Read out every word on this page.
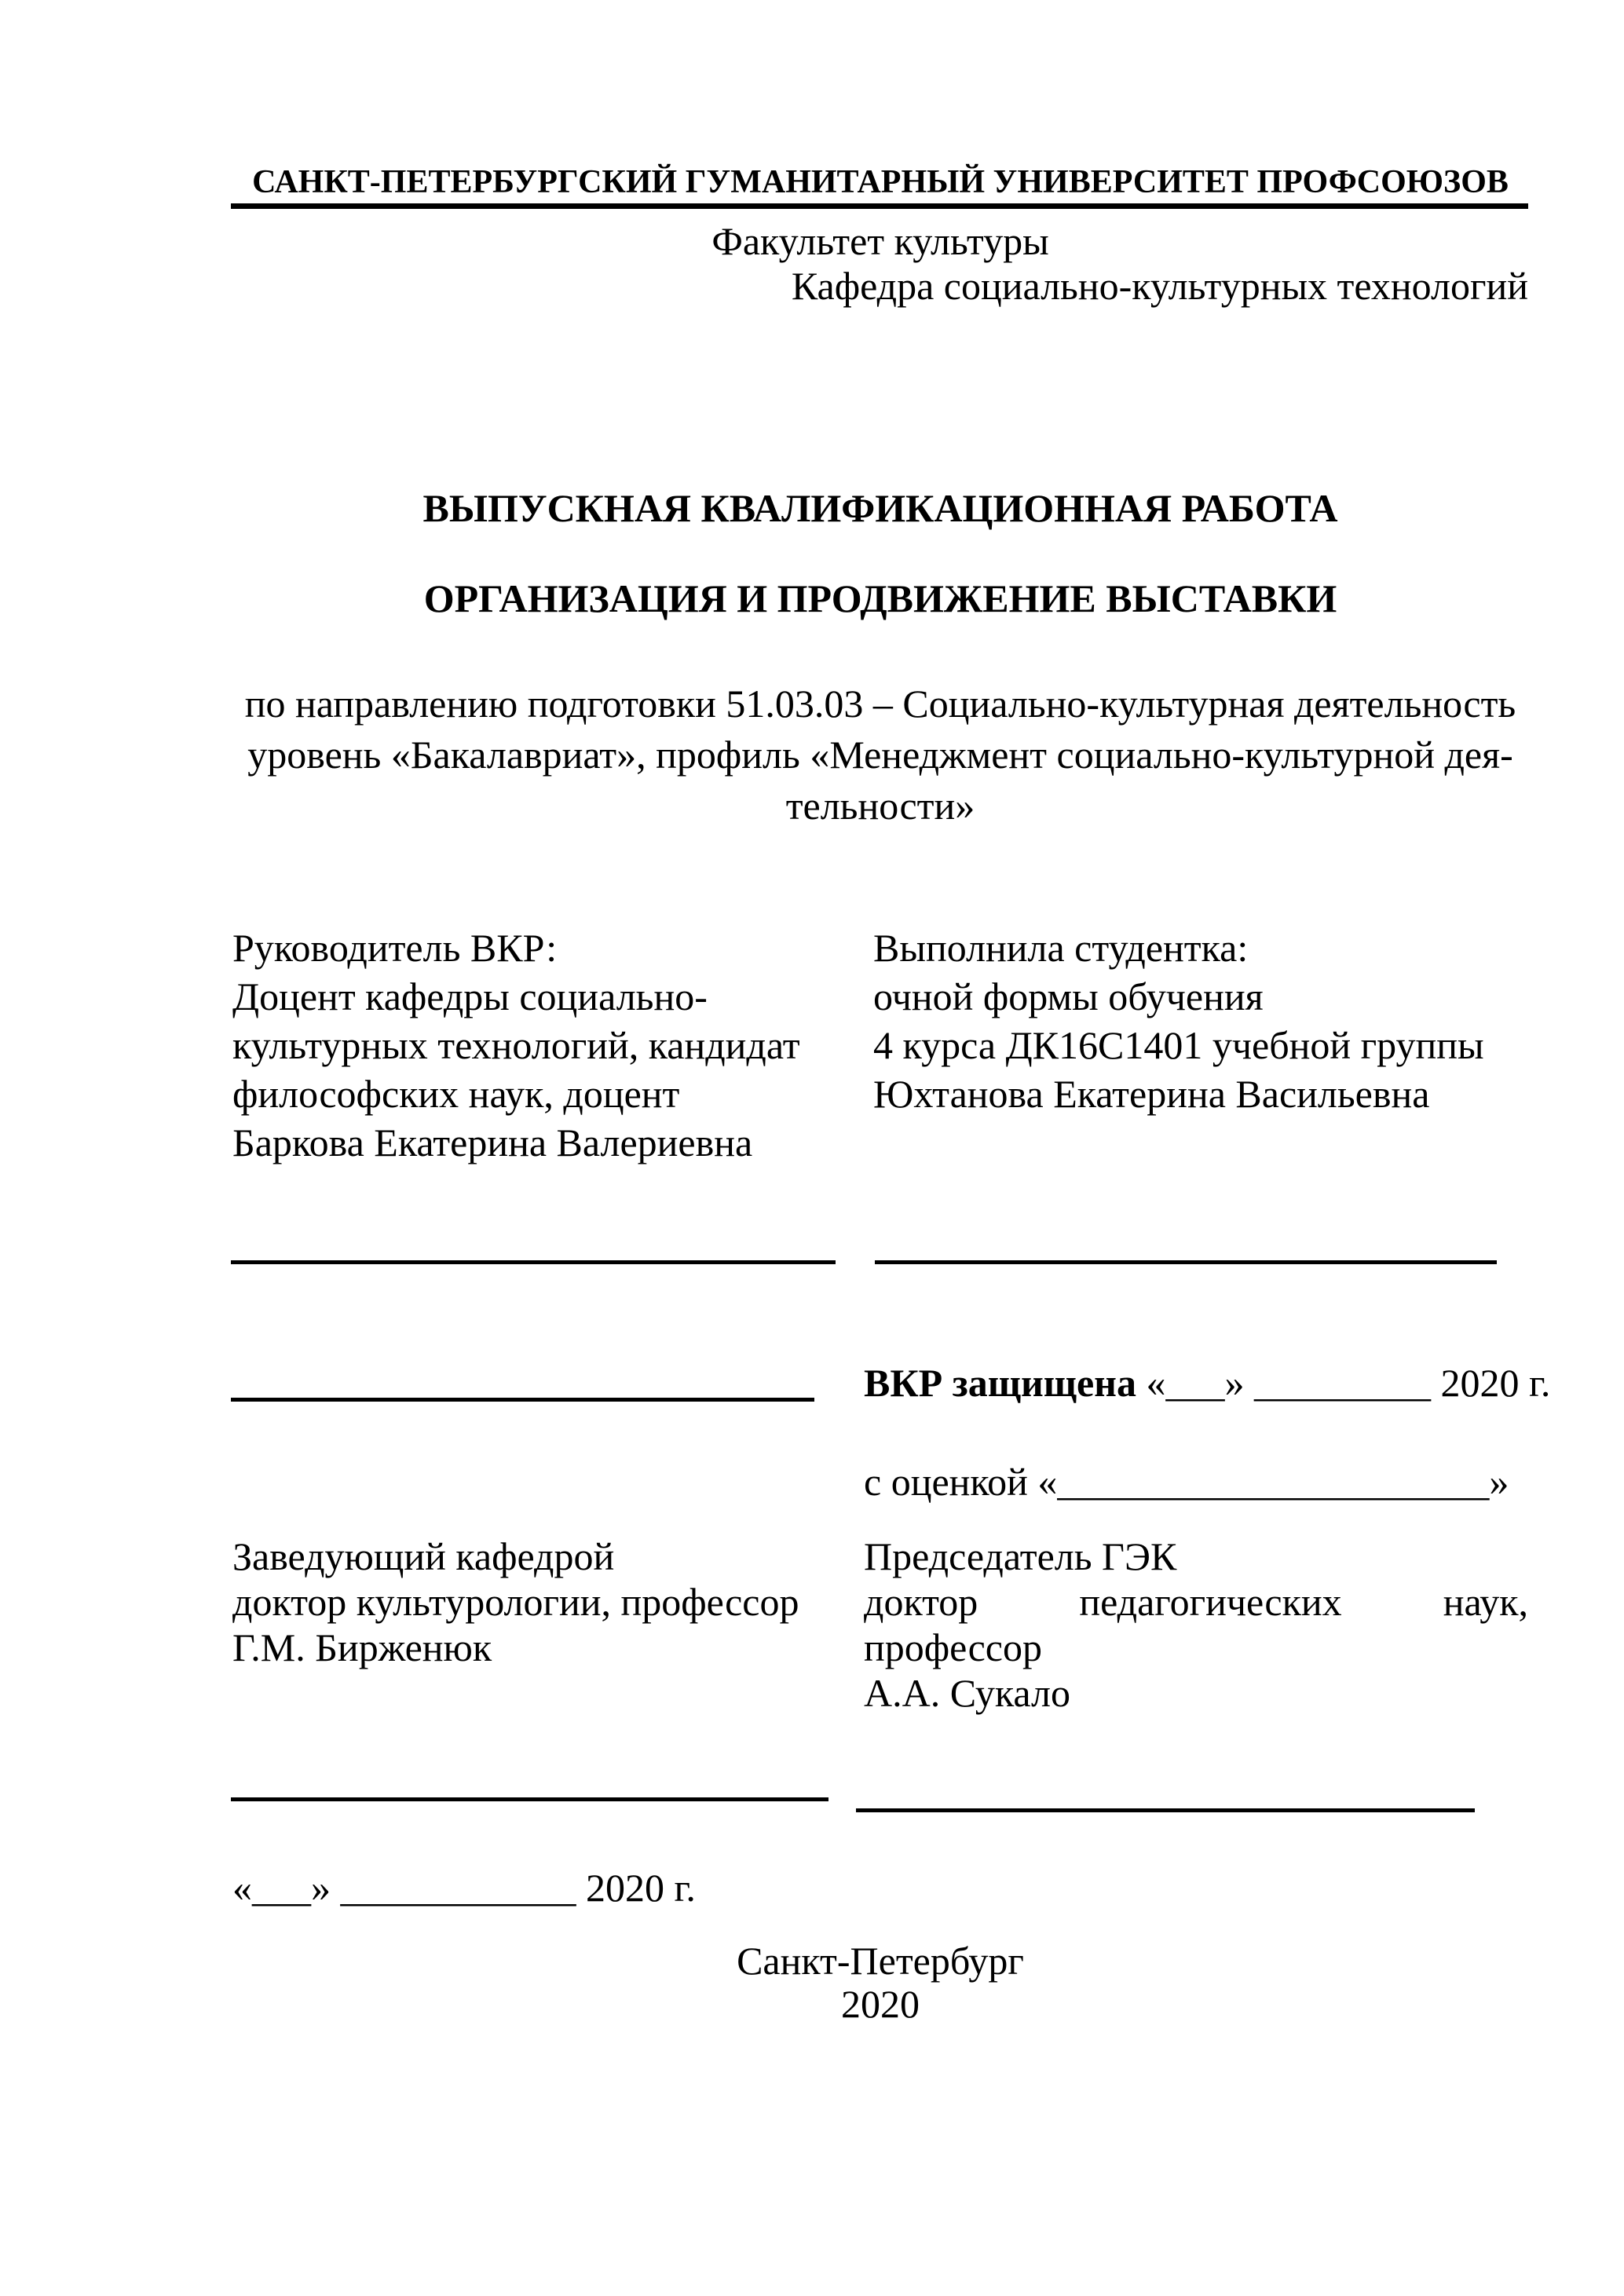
САНКТ-ПЕТЕРБУРГСКИЙ ГУМАНИТАРНЫЙ УНИВЕРСИТЕТ ПРОФСОЮЗОВ
Факультет культуры
Кафедра социально-культурных технологий
ВЫПУСКНАЯ КВАЛИФИКАЦИОННАЯ РАБОТА
ОРГАНИЗАЦИЯ И ПРОДВИЖЕНИЕ ВЫСТАВКИ
по направлению подготовки 51.03.03 – Социально-культурная деятельность
уровень «Бакалавриат», профиль «Менеджмент социально-культурной дея-
тельности»
Руководитель ВКР:
Доцент кафедры социально-
культурных технологий, кандидат
философских наук, доцент
Баркова Екатерина Валериевна
Выполнила студентка:
очной формы обучения
4 курса ДК16С1401 учебной группы
Юхтанова Екатерина Васильевна
ВКР защищена «___» _________ 2020 г.
с оценкой «______________________»
Заведующий кафедрой
доктор культурологии, профессор
Г.М. Бирженюк
Председатель ГЭК
доктор педагогических наук,
профессор
А.А. Сукало
«___» ____________ 2020 г.
Санкт-Петербург
2020
